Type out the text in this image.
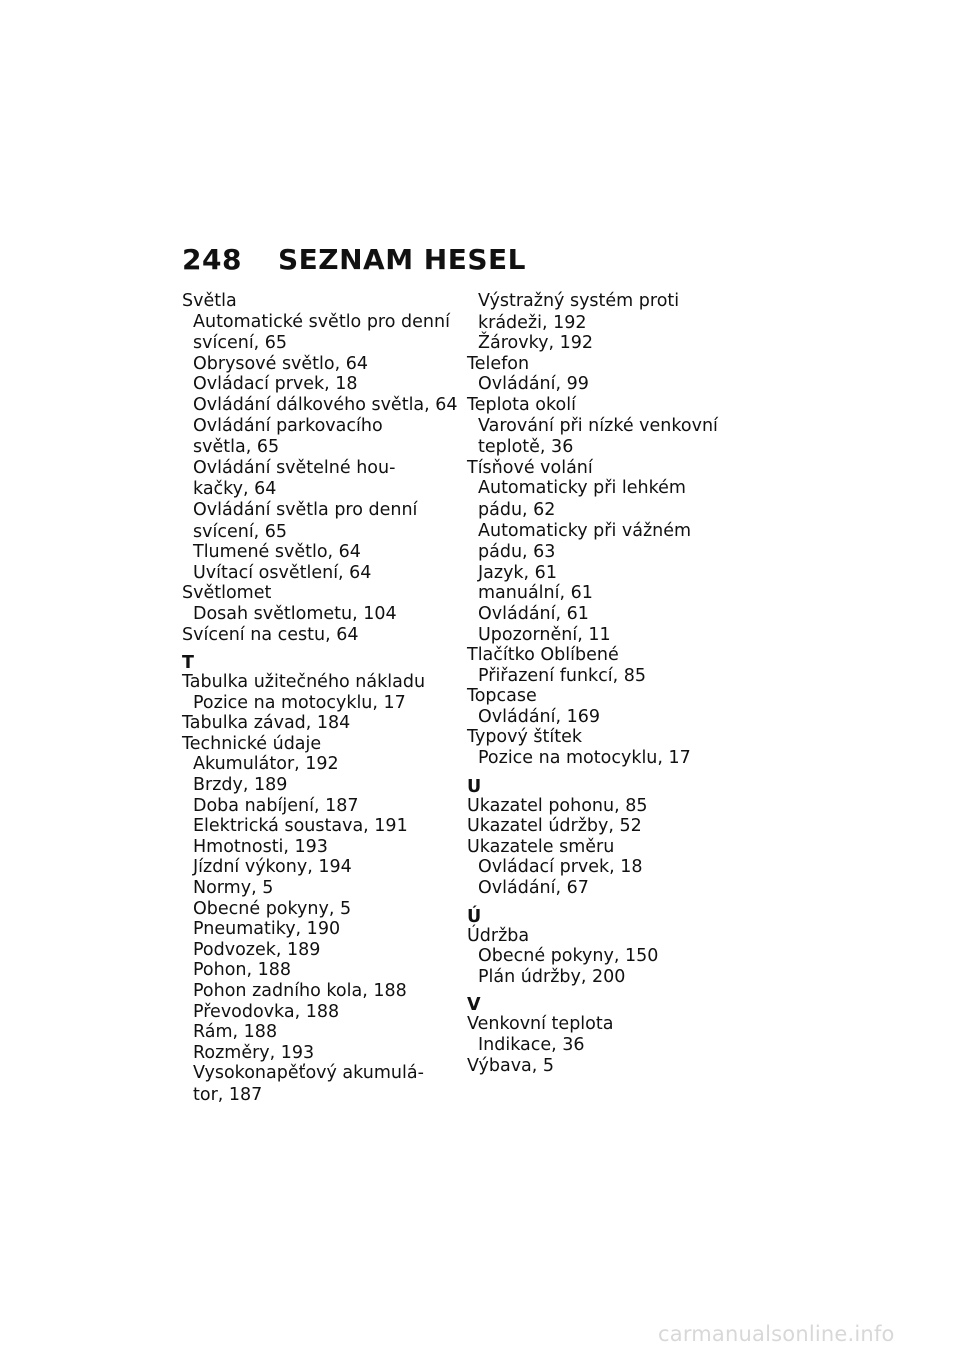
248 SEZNAM HESEL
Světla
Automatické světlo pro denní
svícení, 65
Obrysové světlo, 64
Ovládací prvek, 18
Ovládání dálkového světla, 64
Ovládání parkovacího
světla, 65
Ovládání světelné hou-
kačky, 64
Ovládání světla pro denní
svícení, 65
Tlumené světlo, 64
Uvítací osvětlení, 64
Světlomet
Dosah světlometu, 104
Svícení na cestu, 64
T
Tabulka užitečného nákladu
Pozice na motocyklu, 17
Tabulka závad, 184
Technické údaje
Akumulátor, 192
Brzdy, 189
Doba nabíjení, 187
Elektrická soustava, 191
Hmotnosti, 193
Jízdní výkony, 194
Normy, 5
Obecné pokyny, 5
Pneumatiky, 190
Podvozek, 189
Pohon, 188
Pohon zadního kola, 188
Převodovka, 188
Rám, 188
Rozměry, 193
Vysokonapěťový akumulá-
tor, 187
Výstražný systém proti
krádeži, 192
Žárovky, 192
Telefon
Ovládání, 99
Teplota okolí
Varování při nízké venkovní
teplotě, 36
Tísňové volání
Automaticky při lehkém
pádu, 62
Automaticky při vážném
pádu, 63
Jazyk, 61
manuální, 61
Ovládání, 61
Upozornění, 11
Tlačítko Oblíbené
Přiřazení funkcí, 85
Topcase
Ovládání, 169
Typový štítek
Pozice na motocyklu, 17
U
Ukazatel pohonu, 85
Ukazatel údržby, 52
Ukazatele směru
Ovládací prvek, 18
Ovládání, 67
Ú
Údržba
Obecné pokyny, 150
Plán údržby, 200
V
Venkovní teplota
Indikace, 36
Výbava, 5
carmanualsonline.info
